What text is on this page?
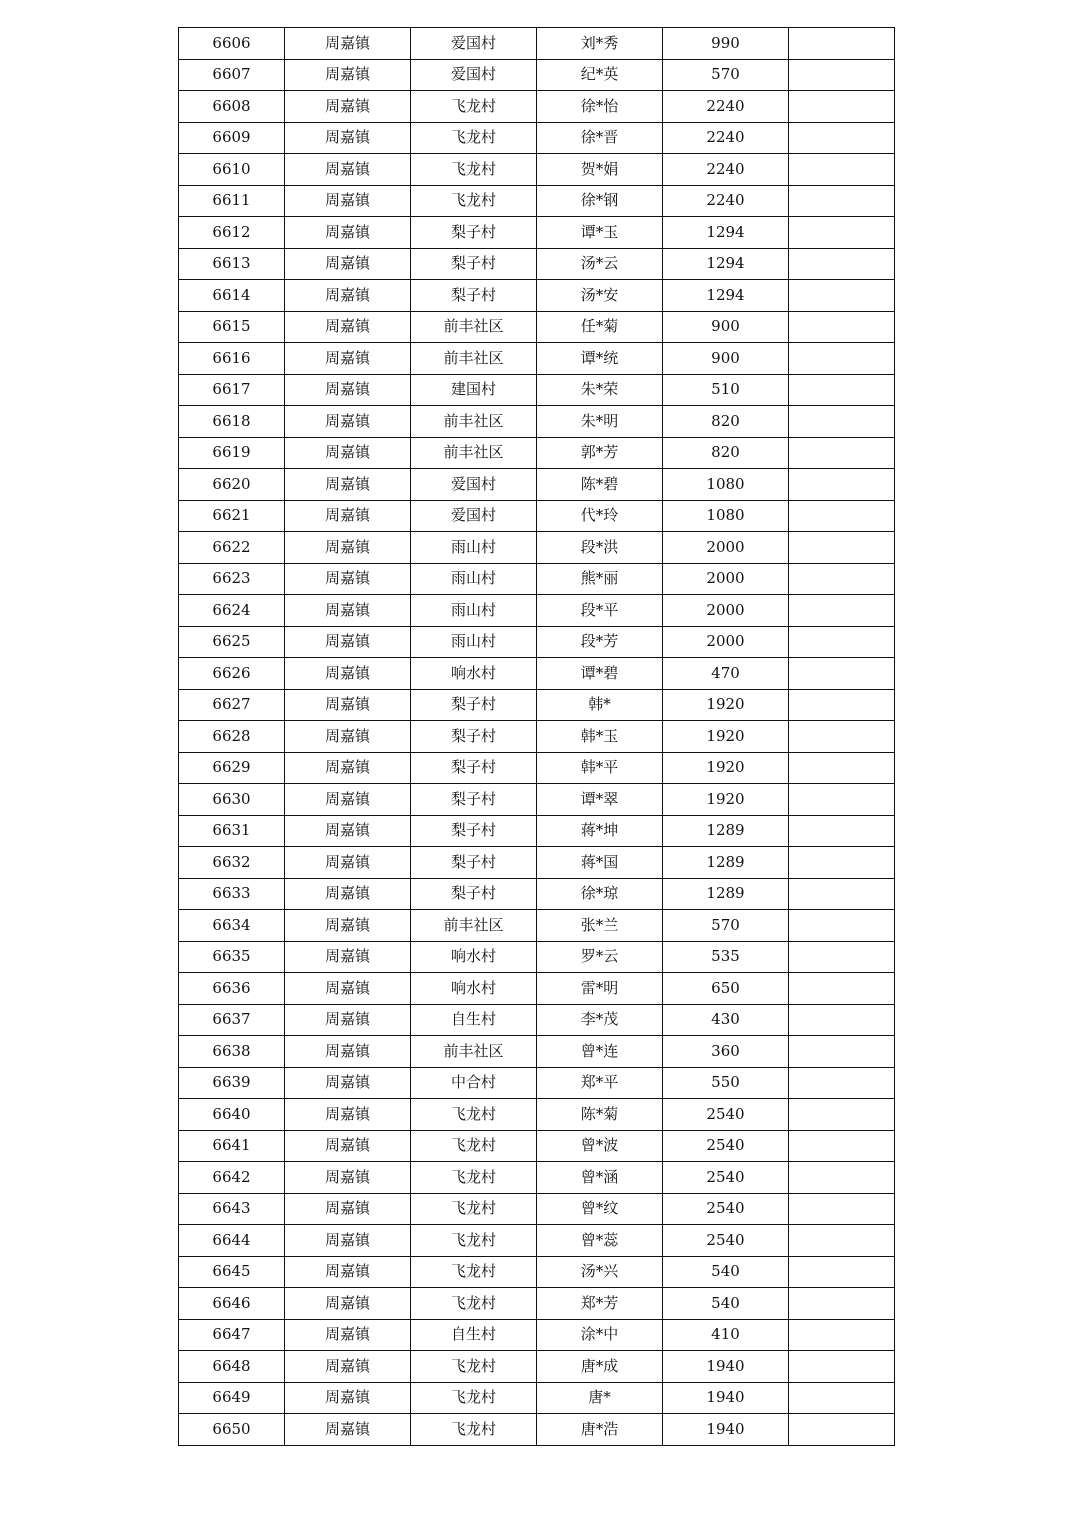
6606	周嘉镇	爱国村	刘*秀	990	
6607	周嘉镇	爱国村	纪*英	570	
6608	周嘉镇	飞龙村	徐*怡	2240	
6609	周嘉镇	飞龙村	徐*晋	2240	
6610	周嘉镇	飞龙村	贺*娟	2240	
6611	周嘉镇	飞龙村	徐*钢	2240	
6612	周嘉镇	梨子村	谭*玉	1294	
6613	周嘉镇	梨子村	汤*云	1294	
6614	周嘉镇	梨子村	汤*安	1294	
6615	周嘉镇	前丰社区	任*菊	900	
6616	周嘉镇	前丰社区	谭*统	900	
6617	周嘉镇	建国村	朱*荣	510	
6618	周嘉镇	前丰社区	朱*明	820	
6619	周嘉镇	前丰社区	郭*芳	820	
6620	周嘉镇	爱国村	陈*碧	1080	
6621	周嘉镇	爱国村	代*玲	1080	
6622	周嘉镇	雨山村	段*洪	2000	
6623	周嘉镇	雨山村	熊*丽	2000	
6624	周嘉镇	雨山村	段*平	2000	
6625	周嘉镇	雨山村	段*芳	2000	
6626	周嘉镇	响水村	谭*碧	470	
6627	周嘉镇	梨子村	韩*	1920	
6628	周嘉镇	梨子村	韩*玉	1920	
6629	周嘉镇	梨子村	韩*平	1920	
6630	周嘉镇	梨子村	谭*翠	1920	
6631	周嘉镇	梨子村	蒋*坤	1289	
6632	周嘉镇	梨子村	蒋*国	1289	
6633	周嘉镇	梨子村	徐*琼	1289	
6634	周嘉镇	前丰社区	张*兰	570	
6635	周嘉镇	响水村	罗*云	535	
6636	周嘉镇	响水村	雷*明	650	
6637	周嘉镇	自生村	李*茂	430	
6638	周嘉镇	前丰社区	曾*连	360	
6639	周嘉镇	中合村	郑*平	550	
6640	周嘉镇	飞龙村	陈*菊	2540	
6641	周嘉镇	飞龙村	曾*波	2540	
6642	周嘉镇	飞龙村	曾*涵	2540	
6643	周嘉镇	飞龙村	曾*纹	2540	
6644	周嘉镇	飞龙村	曾*蕊	2540	
6645	周嘉镇	飞龙村	汤*兴	540	
6646	周嘉镇	飞龙村	郑*芳	540	
6647	周嘉镇	自生村	涂*中	410	
6648	周嘉镇	飞龙村	唐*成	1940	
6649	周嘉镇	飞龙村	唐*	1940	
6650	周嘉镇	飞龙村	唐*浩	1940	
